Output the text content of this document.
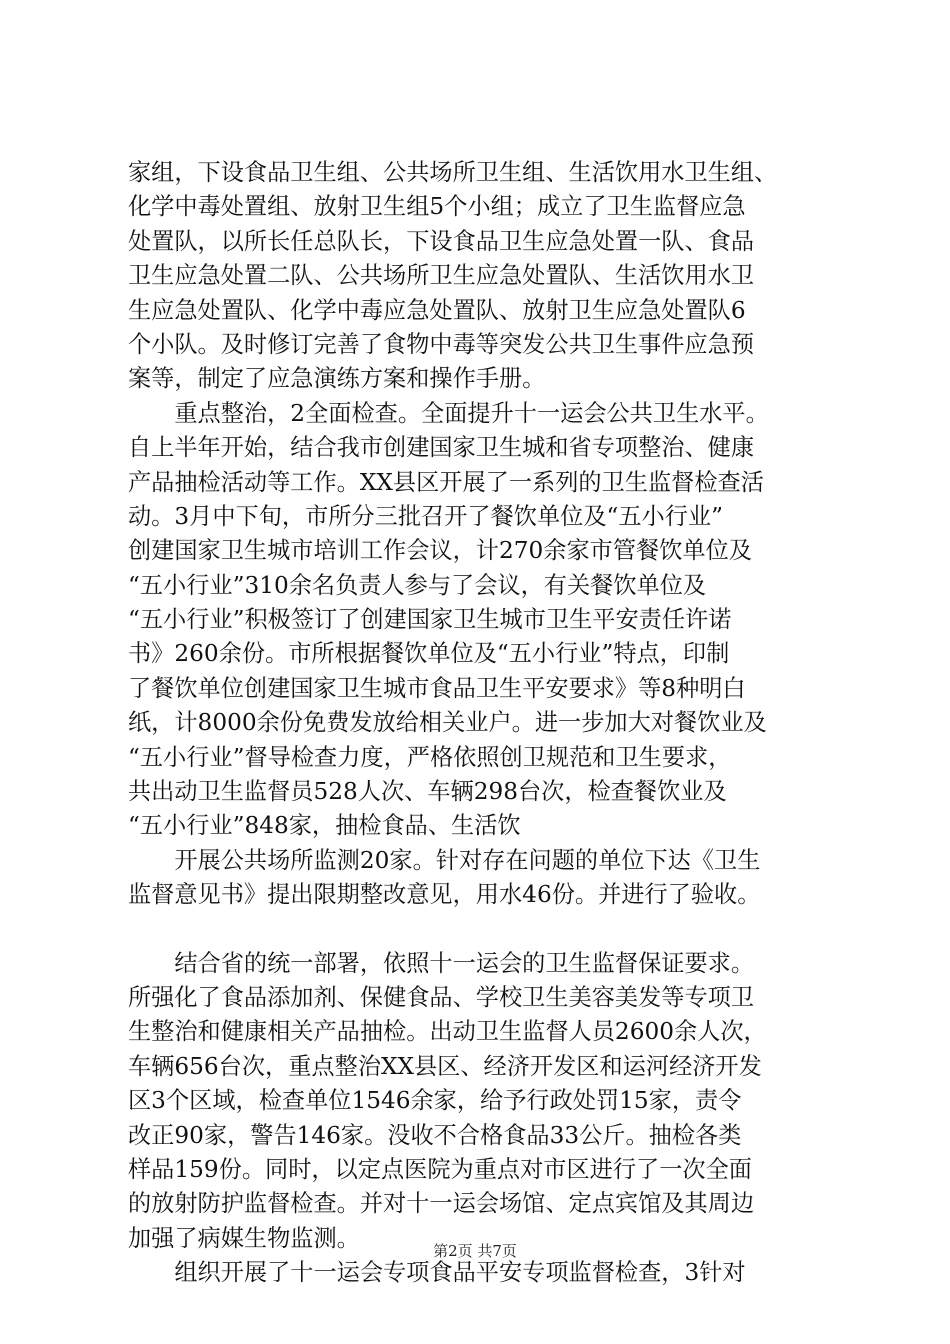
家组，下设食品卫生组、公共场所卫生组、生活饮用水卫生组、
化学中毒处置组、放射卫生组5个小组；成立了卫生监督应急
处置队，以所长任总队长，下设食品卫生应急处置一队、食品
卫生应急处置二队、公共场所卫生应急处置队、生活饮用水卫
生应急处置队、化学中毒应急处置队、放射卫生应急处置队6
个小队。及时修订完善了食物中毒等突发公共卫生事件应急预
案等，制定了应急演练方案和操作手册。
　　重点整治，2全面检查。全面提升十一运会公共卫生水平。
自上半年开始，结合我市创建国家卫生城和省专项整治、健康
产品抽检活动等工作。XX县区开展了一系列的卫生监督检查活
动。3月中下旬，市所分三批召开了餐饮单位及“五小行业”
创建国家卫生城市培训工作会议，计270余家市管餐饮单位及
“五小行业”310余名负责人参与了会议，有关餐饮单位及
“五小行业”积极签订了创建国家卫生城市卫生平安责任许诺
书》260余份。市所根据餐饮单位及“五小行业”特点，印制
了餐饮单位创建国家卫生城市食品卫生平安要求》等8种明白
纸，计8000余份免费发放给相关业户。进一步加大对餐饮业及
“五小行业”督导检查力度，严格依照创卫规范和卫生要求，
共出动卫生监督员528人次、车辆298台次，检查餐饮业及
“五小行业”848家，抽检食品、生活饮
　　开展公共场所监测20家。针对存在问题的单位下达《卫生
监督意见书》提出限期整改意见，用水46份。并进行了验收。
　　结合省的统一部署，依照十一运会的卫生监督保证要求。
所强化了食品添加剂、保健食品、学校卫生美容美发等专项卫
生整治和健康相关产品抽检。出动卫生监督人员2600余人次，
车辆656台次，重点整治XX县区、经济开发区和运河经济开发
区3个区域，检查单位1546余家，给予行政处罚15家，责令
改正90家，警告146家。没收不合格食品33公斤。抽检各类
样品159份。同时，以定点医院为重点对市区进行了一次全面
的放射防护监督检查。并对十一运会场馆、定点宾馆及其周边
加强了病媒生物监测。
　　组织开展了十一运会专项食品平安专项监督检查，3针对
第2页 共7页
